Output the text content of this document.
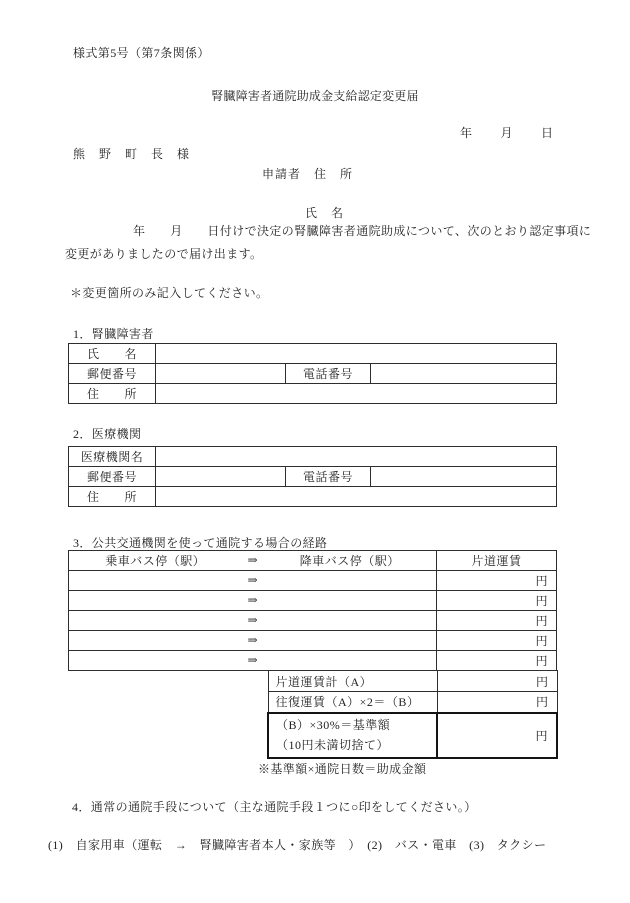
様式第5号（第7条関係）
腎臓障害者通院助成金支給認定変更届
年　　月　　日
熊　野　町　長　様
申請者　住　所
氏　名
年　　月　　日付けで決定の腎臓障害者通院助成について、次のとおり認定事項に
変更がありましたので届け出ます。
＊変更箇所のみ記入してください。
1．腎臓障害者
氏　　名			
郵便番号		電話番号	
住　　所			
2．医療機関
医療機関名			
郵便番号		電話番号	
住　　所			
3．公共交通機関を使って通院する場合の経路
乗車バス停（駅） ⇒ 降車バス停（駅）	片道運賃

⇒	円

⇒	円

⇒	円

⇒	円

⇒	円
片道運賃計（A）	円
往復運賃（A）×2＝（B）	円

（B）×30%＝基準額
（10円未満切捨て）	円
※基準額×通院日数＝助成金額
4．通常の通院手段について（主な通院手段１つに○印をしてください。）
(1)　自家用車（運転　→　腎臓障害者本人・家族等　）　(2)　バス・電車　(3)　タクシー
